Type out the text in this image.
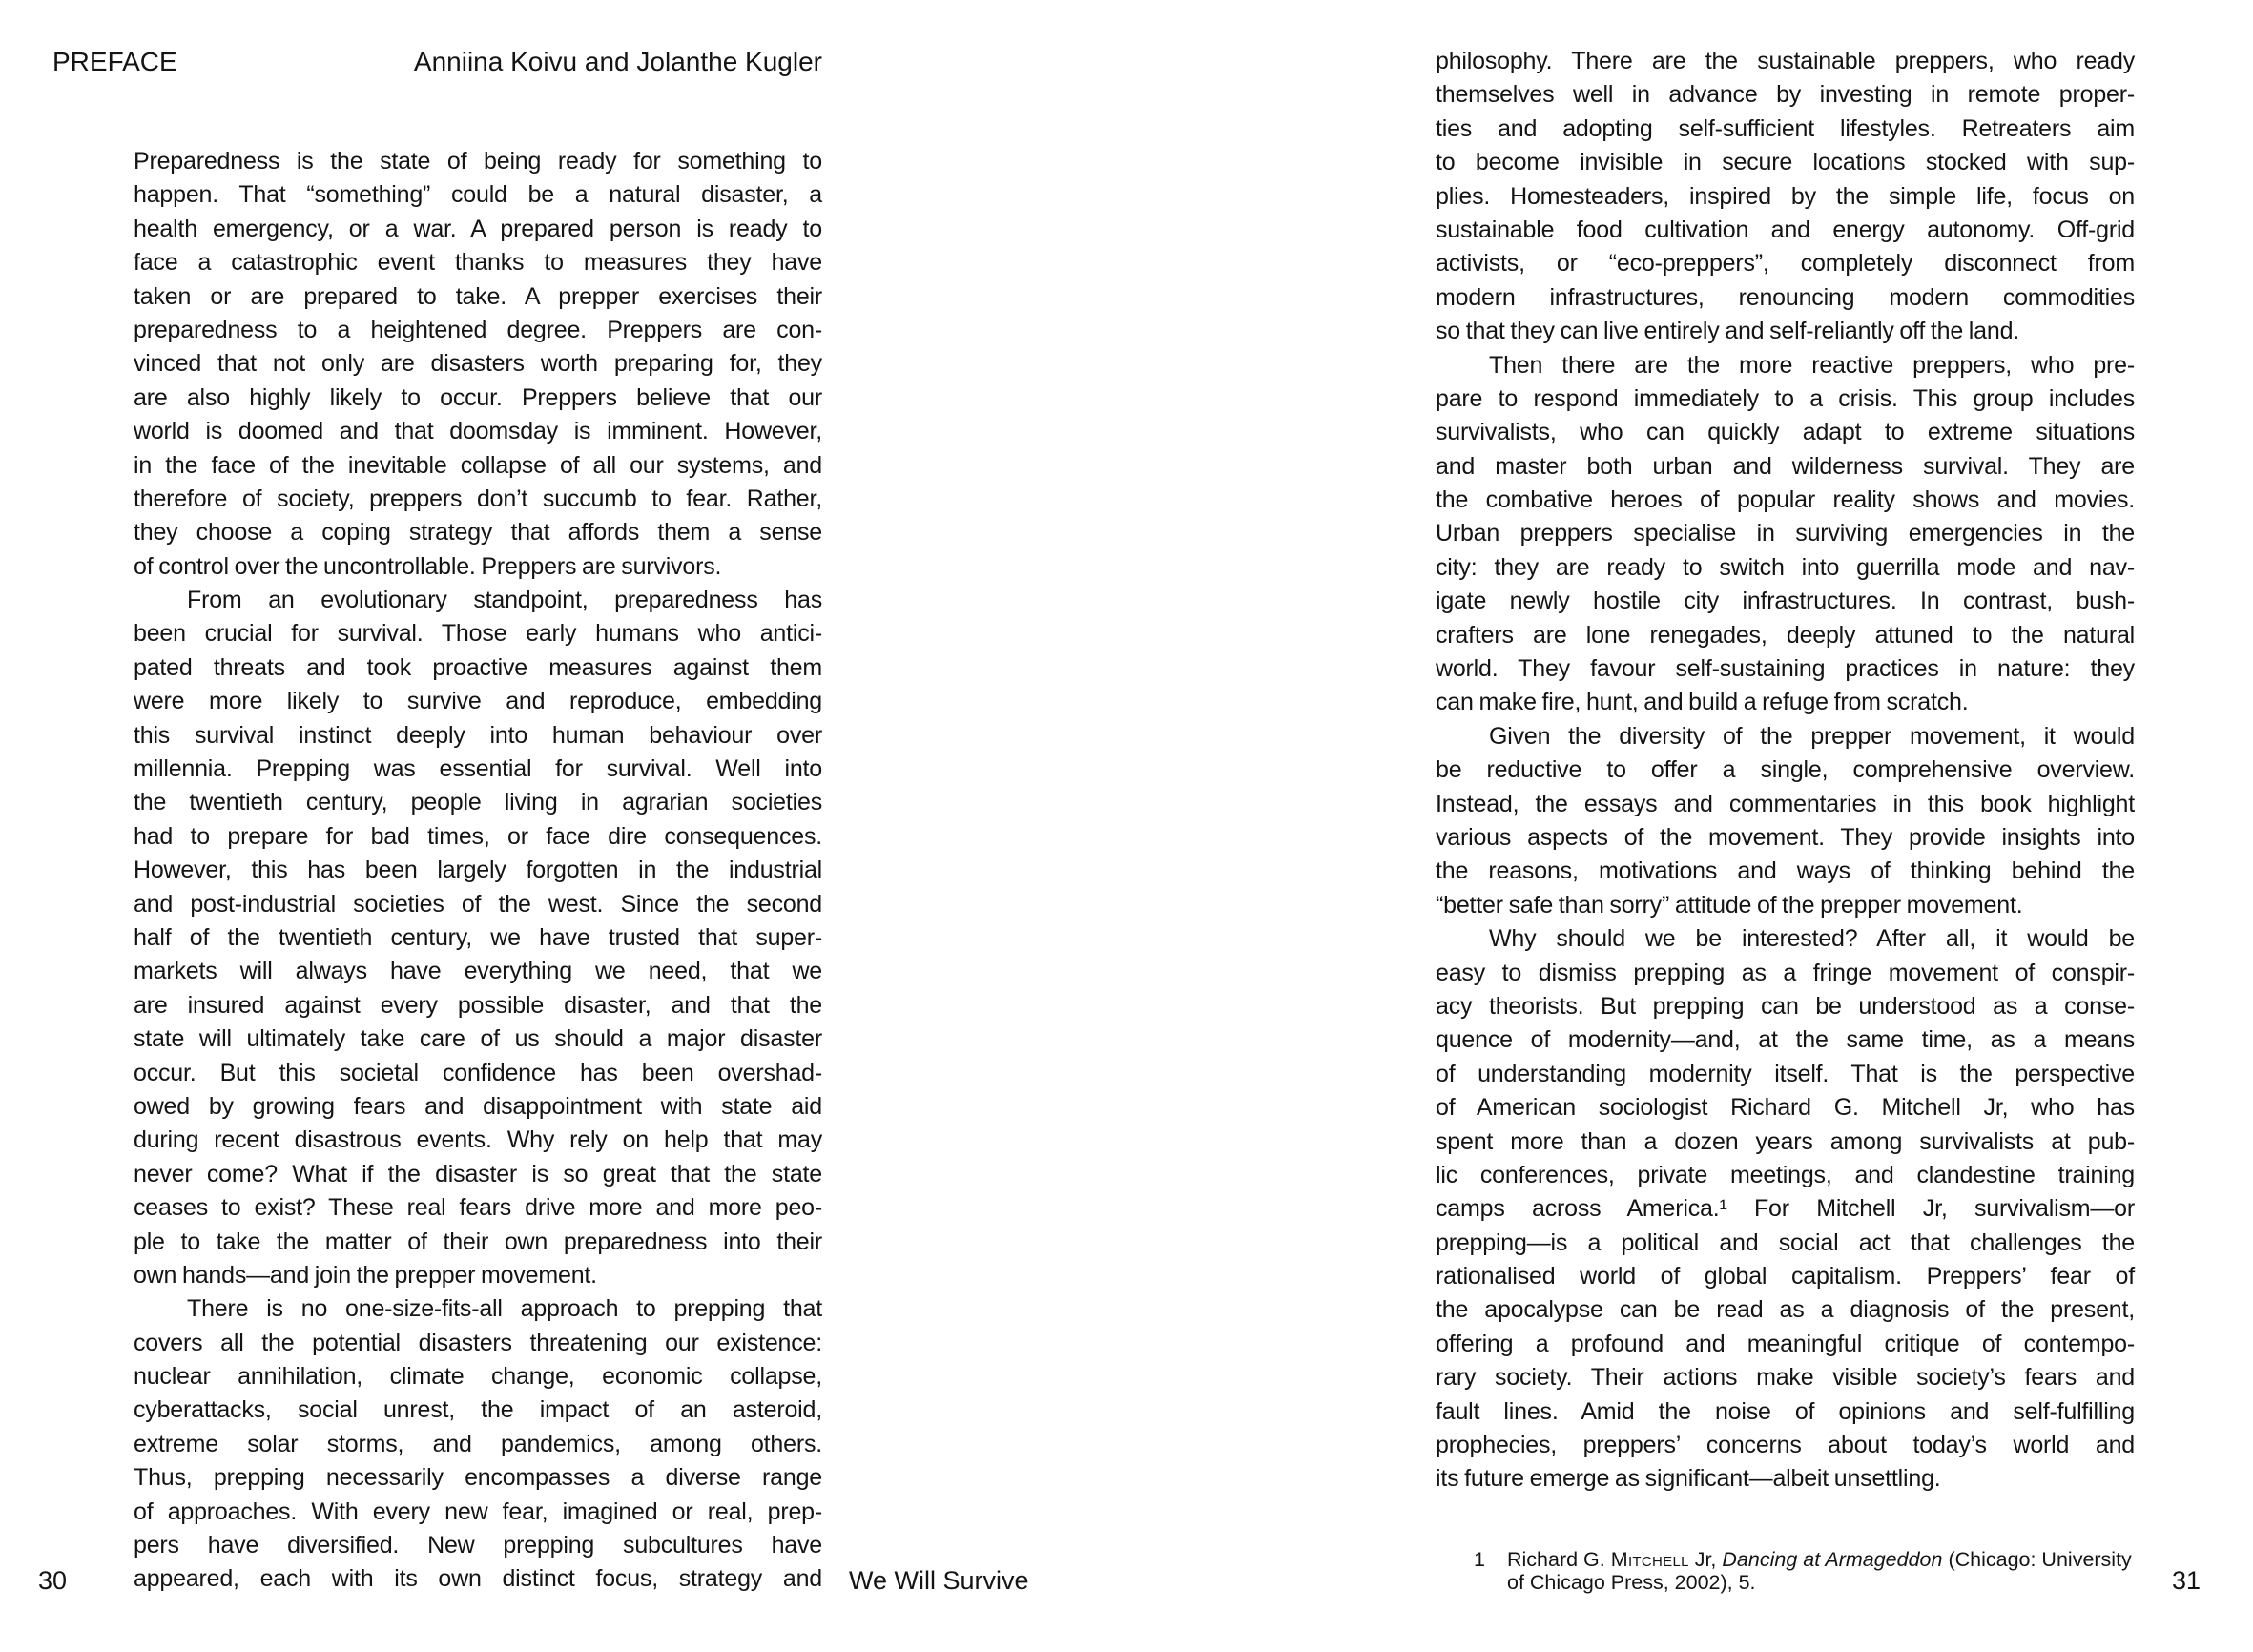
PREFACE	Anniina Koivu and Jolanthe Kugler
Preparedness is the state of being ready for something to
happen. That “something” could be a natural disaster, a
health emergency, or a war. A prepared person is ready to
face a catastrophic event thanks to measures they have
taken or are prepared to take. A prepper exercises their
preparedness to a heightened degree. Preppers are con-
vinced that not only are disasters worth preparing for, they
are also highly likely to occur. Preppers believe that our
world is doomed and that doomsday is imminent. However,
in the face of the inevitable collapse of all our systems, and
therefore of society, preppers don’t succumb to fear. Rather,
they choose a coping strategy that affords them a sense
of control over the uncontrollable. Preppers are survivors.
From an evolutionary standpoint, preparedness has
been crucial for survival. Those early humans who antici-
pated threats and took proactive measures against them
were more likely to survive and reproduce, embedding
this survival instinct deeply into human behaviour over
millennia. Prepping was essential for survival. Well into
the twentieth century, people living in agrarian societies
had to prepare for bad times, or face dire consequences.
However, this has been largely forgotten in the industrial
and post-industrial societies of the west. Since the second
half of the twentieth century, we have trusted that super-
markets will always have everything we need, that we
are insured against every possible disaster, and that the
state will ultimately take care of us should a major disaster
occur. But this societal confidence has been overshad-
owed by growing fears and disappointment with state aid
during recent disastrous events. Why rely on help that may
never come? What if the disaster is so great that the state
ceases to exist? These real fears drive more and more peo-
ple to take the matter of their own preparedness into their
own hands—and join the prepper movement.
There is no one-size-fits-all approach to prepping that
covers all the potential disasters threatening our existence:
nuclear annihilation, climate change, economic collapse,
cyberattacks, social unrest, the impact of an asteroid,
extreme solar storms, and pandemics, among others.
Thus, prepping necessarily encompasses a diverse range
of approaches. With every new fear, imagined or real, prep-
pers have diversified. New prepping subcultures have
appeared, each with its own distinct focus, strategy and
philosophy. There are the sustainable preppers, who ready
themselves well in advance by investing in remote proper-
ties and adopting self-sufficient lifestyles. Retreaters aim
to become invisible in secure locations stocked with sup-
plies. Homesteaders, inspired by the simple life, focus on
sustainable food cultivation and energy autonomy. Off-grid
activists, or “eco-preppers”, completely disconnect from
modern infrastructures, renouncing modern commodities
so that they can live entirely and self-reliantly off the land.
Then there are the more reactive preppers, who pre-
pare to respond immediately to a crisis. This group includes
survivalists, who can quickly adapt to extreme situations
and master both urban and wilderness survival. They are
the combative heroes of popular reality shows and movies.
Urban preppers specialise in surviving emergencies in the
city: they are ready to switch into guerrilla mode and nav-
igate newly hostile city infrastructures. In contrast, bush-
crafters are lone renegades, deeply attuned to the natural
world. They favour self-sustaining practices in nature: they
can make fire, hunt, and build a refuge from scratch.
Given the diversity of the prepper movement, it would
be reductive to offer a single, comprehensive overview.
Instead, the essays and commentaries in this book highlight
various aspects of the movement. They provide insights into
the reasons, motivations and ways of thinking behind the
“better safe than sorry” attitude of the prepper movement.
Why should we be interested? After all, it would be
easy to dismiss prepping as a fringe movement of conspir-
acy theorists. But prepping can be understood as a conse-
quence of modernity—and, at the same time, as a means
of understanding modernity itself. That is the perspective
of American sociologist Richard G. Mitchell Jr, who has
spent more than a dozen years among survivalists at pub-
lic conferences, private meetings, and clandestine training
camps across America.¹ For Mitchell Jr, survivalism—or
prepping—is a political and social act that challenges the
rationalised world of global capitalism. Preppers’ fear of
the apocalypse can be read as a diagnosis of the present,
offering a profound and meaningful critique of contempo-
rary society. Their actions make visible society’s fears and
fault lines. Amid the noise of opinions and self-fulfilling
prophecies, preppers’ concerns about today’s world and
its future emerge as significant—albeit unsettling.
1 Richard G. Mitchell Jr, Dancing at Armageddon (Chicago: University
of Chicago Press, 2002), 5.
30	We Will Survive	31
